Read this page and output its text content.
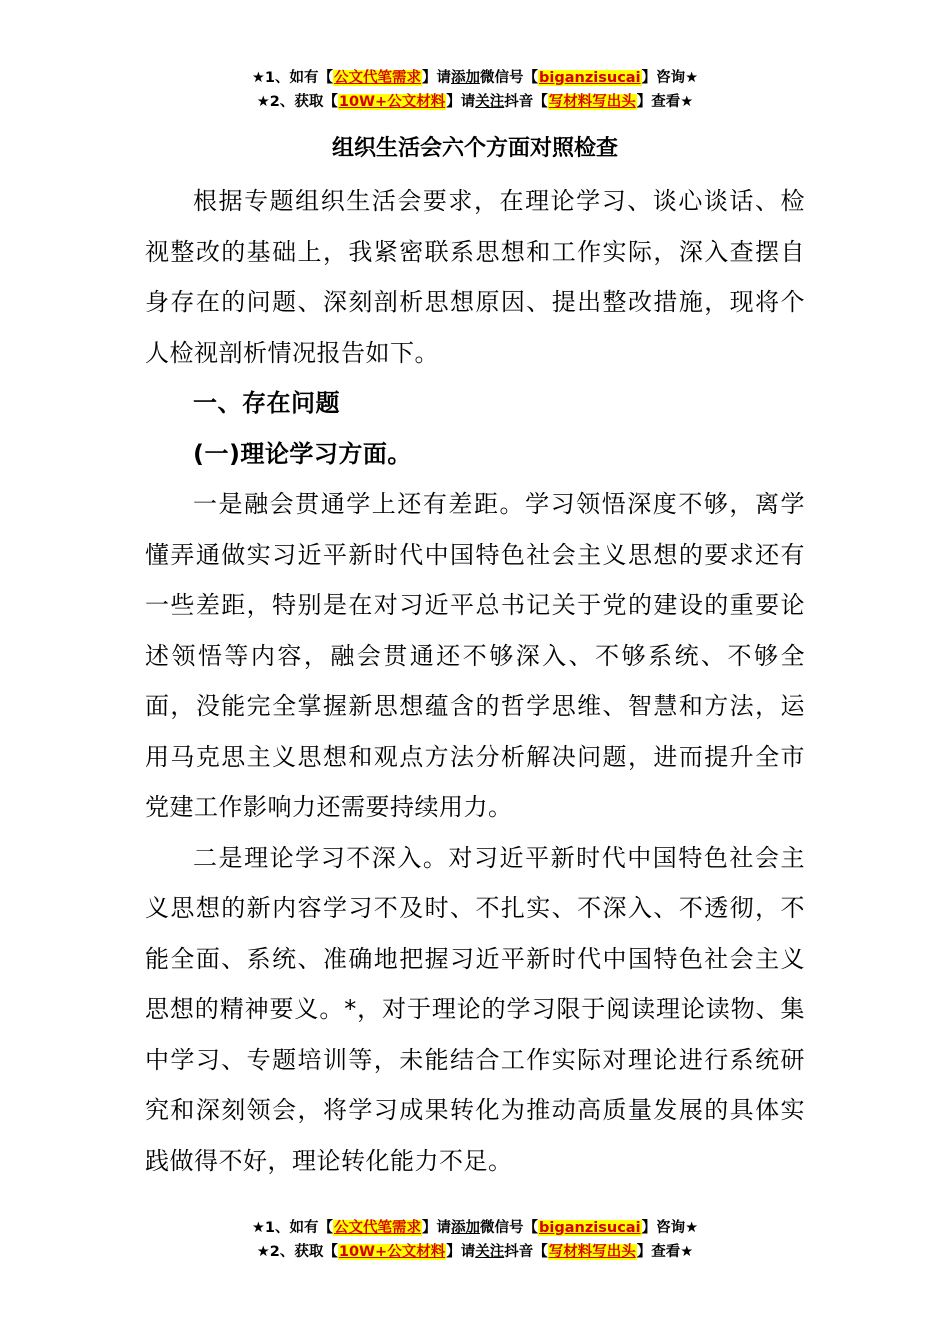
★1、如有【公文代笔需求】请添加微信号【biganzisucai】咨询★
★2、获取【10W+公文材料】请关注抖音【写材料写出头】查看★
组织生活会六个方面对照检查

根据专题组织生活会要求，在理论学习、谈心谈话、检视整改的基础上，我紧密联系思想和工作实际，深入查摆自身存在的问题、深刻剖析思想原因、提出整改措施，现将个人检视剖析情况报告如下。

一、存在问题

(一)理论学习方面。

一是融会贯通学上还有差距。学习领悟深度不够，离学懂弄通做实习近平新时代中国特色社会主义思想的要求还有一些差距，特别是在对习近平总书记关于党的建设的重要论述领悟等内容，融会贯通还不够深入、不够系统、不够全面，没能完全掌握新思想蕴含的哲学思维、智慧和方法，运用马克思主义思想和观点方法分析解决问题，进而提升全市党建工作影响力还需要持续用力。

二是理论学习不深入。对习近平新时代中国特色社会主义思想的新内容学习不及时、不扎实、不深入、不透彻，不能全面、系统、准确地把握习近平新时代中国特色社会主义思想的精神要义。*，对于理论的学习限于阅读理论读物、集中学习、专题培训等，未能结合工作实际对理论进行系统研究和深刻领会，将学习成果转化为推动高质量发展的具体实践做得不好，理论转化能力不足。

★1、如有【公文代笔需求】请添加微信号【biganzisucai】咨询★
★2、获取【10W+公文材料】请关注抖音【写材料写出头】查看★
